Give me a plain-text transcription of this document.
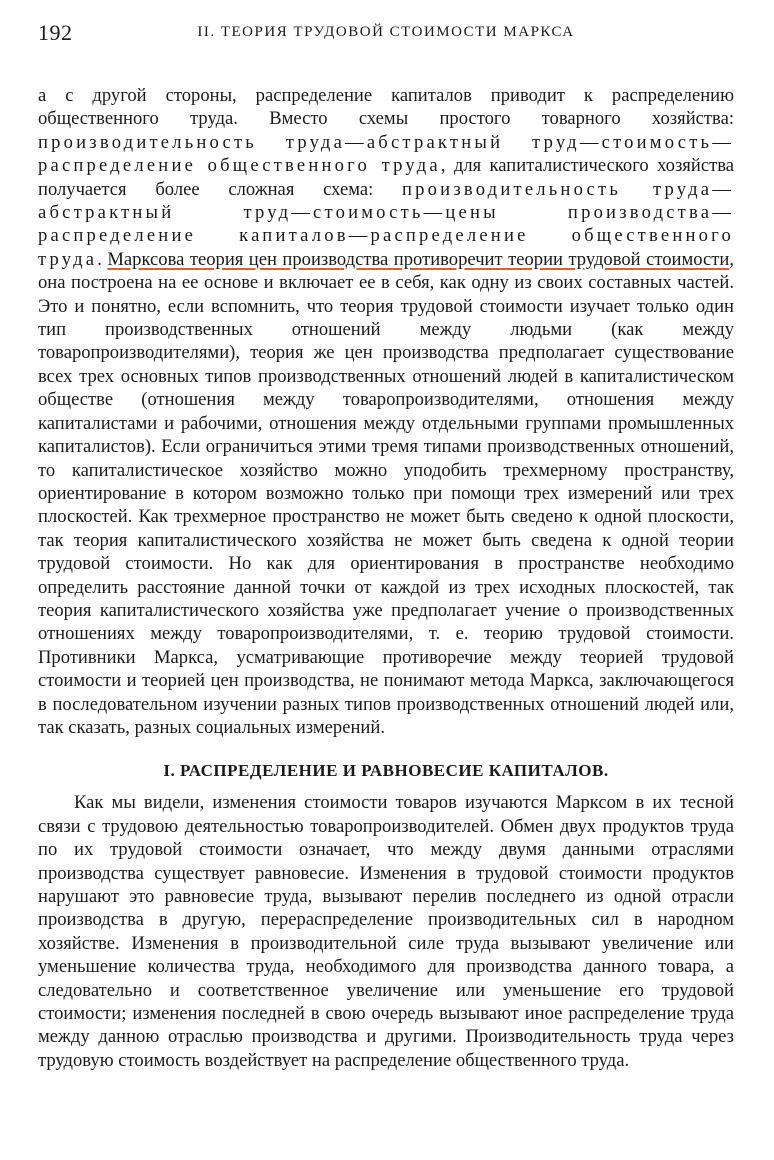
192	II. ТЕОРИЯ ТРУДОВОЙ СТОИМОСТИ МАРКСА

а с другой стороны, распределение капиталов приводит к распределению общественного труда. Вместо схемы простого товарного хозяйства: производительность труда—абстрактный труд—стоимость—распределение общественного труда, для капиталистического хозяйства получается более сложная схема: производительность труда—абстрактный труд—стоимость—цены производства—распределение капиталов—распределение общественного труда. Марксова теория цен производства противоречит теории трудовой стоимости, она построена на ее основе и включает ее в себя, как одну из своих составных частей. Это и понятно, если вспомнить, что теория трудовой стоимости изучает только один тип производственных отношений между людьми (как между товаропроизводителями), теория же цен производства предполагает существование всех трех основных типов производственных отношений людей в капиталистическом обществе (отношения между товаропроизводителями, отношения между капиталистами и рабочими, отношения между отдельными группами промышленных капиталистов). Если ограничиться этими тремя типами производственных отношений, то капиталистическое хозяйство можно уподобить трехмерному пространству, ориентирование в котором возможно только при помощи трех измерений или трех плоскостей. Как трехмерное пространство не может быть сведено к одной плоскости, так теория капиталистического хозяйства не может быть сведена к одной теории трудовой стоимости. Но как для ориентирования в пространстве необходимо определить расстояние данной точки от каждой из трех исходных плоскостей, так теория капиталистического хозяйства уже предполагает учение о производственных отношениях между товаропроизводителями, т. е. теорию трудовой стоимости. Противники Маркса, усматривающие противоречие между теорией трудовой стоимости и теорией цен производства, не понимают метода Маркса, заключающегося в последовательном изучении разных типов производственных отношений людей или, так сказать, разных социальных измерений.

I. РАСПРЕДЕЛЕНИЕ И РАВНОВЕСИЕ КАПИТАЛОВ.

Как мы видели, изменения стоимости товаров изучаются Марксом в их тесной связи с трудовою деятельностью товаропроизводителей. Обмен двух продуктов труда по их трудовой стоимости означает, что между двумя данными отраслями производства существует равновесие. Изменения в трудовой стоимости продуктов нарушают это равновесие труда, вызывают перелив последнего из одной отрасли производства в другую, перераспределение производительных сил в народном хозяйстве. Изменения в производительной силе труда вызывают увеличение или уменьшение количества труда, необходимого для производства данного товара, а следовательно и соответственное увеличение или уменьшение его трудовой стоимости; изменения последней в свою очередь вызывают иное распределение труда между данною отраслью производства и другими. Производительность труда через трудовую стоимость воздействует на распределение общественного труда.
